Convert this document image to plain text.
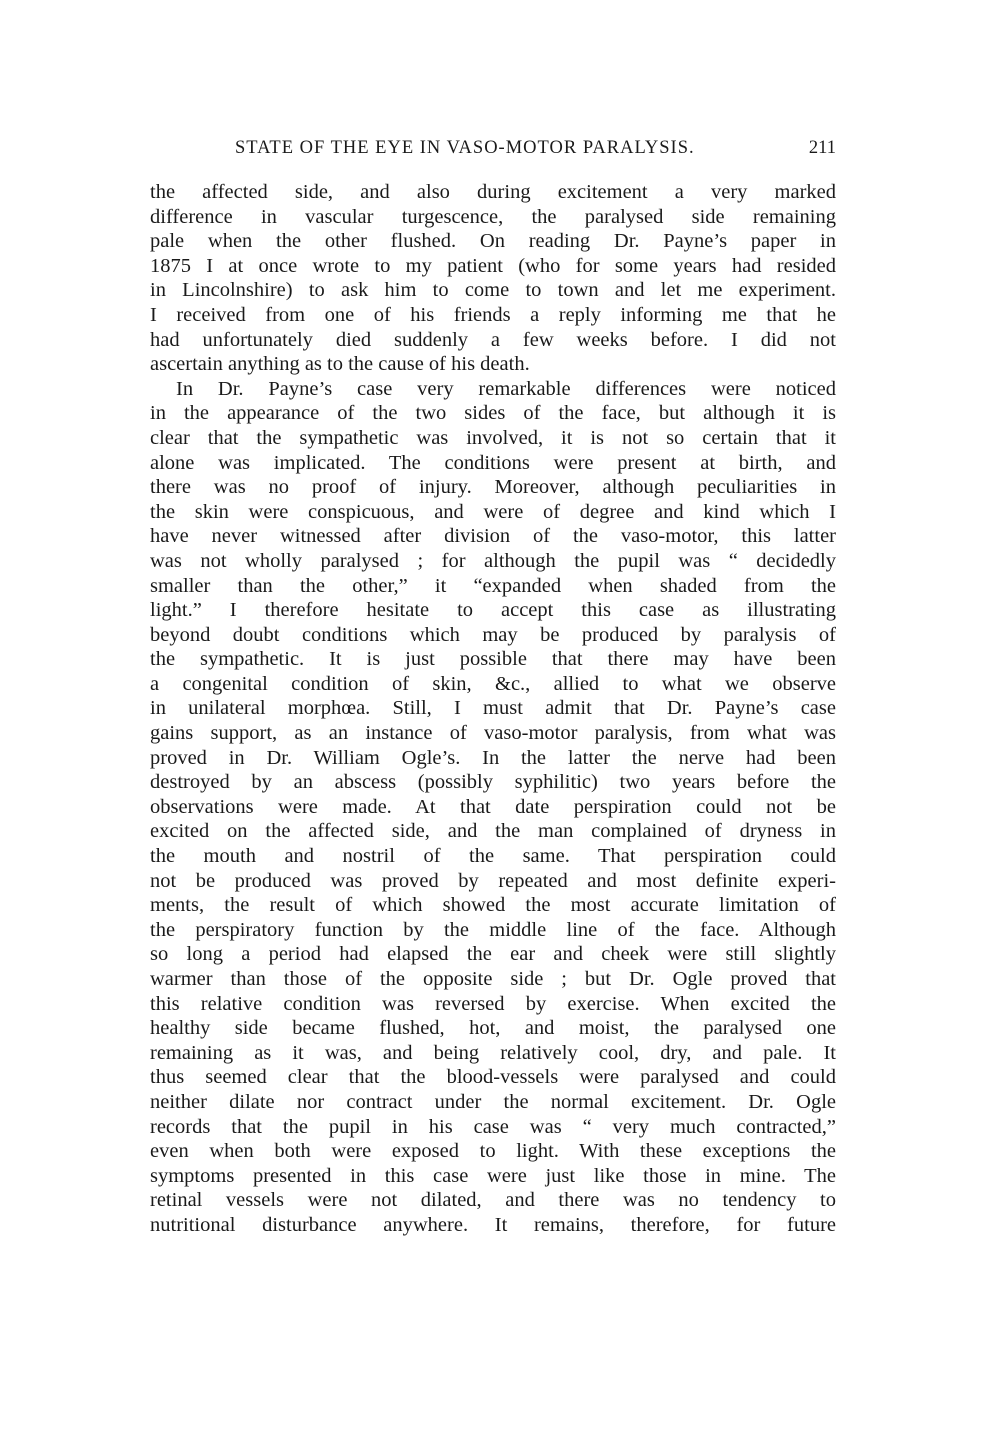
STATE OF THE EYE IN VASO-MOTOR PARALYSIS.	211
the affected side, and also during excitement a very marked
difference in vascular turgescence, the paralysed side remaining
pale when the other flushed. On reading Dr. Payne’s paper in
1875 I at once wrote to my patient (who for some years had resided
in Lincolnshire) to ask him to come to town and let me experiment.
I received from one of his friends a reply informing me that he
had unfortunately died suddenly a few weeks before. I did not
ascertain anything as to the cause of his death.
In Dr. Payne’s case very remarkable differences were noticed
in the appearance of the two sides of the face, but although it is
clear that the sympathetic was involved, it is not so certain that it
alone was implicated. The conditions were present at birth, and
there was no proof of injury. Moreover, although peculiarities in
the skin were conspicuous, and were of degree and kind which I
have never witnessed after division of the vaso-motor, this latter
was not wholly paralysed ; for although the pupil was “ decidedly
smaller than the other,” it “expanded when shaded from the
light.” I therefore hesitate to accept this case as illustrating
beyond doubt conditions which may be produced by paralysis of
the sympathetic. It is just possible that there may have been
a congenital condition of skin, &c., allied to what we observe
in unilateral morphœa. Still, I must admit that Dr. Payne’s case
gains support, as an instance of vaso-motor paralysis, from what was
proved in Dr. William Ogle’s. In the latter the nerve had been
destroyed by an abscess (possibly syphilitic) two years before the
observations were made. At that date perspiration could not be
excited on the affected side, and the man complained of dryness in
the mouth and nostril of the same. That perspiration could
not be produced was proved by repeated and most definite experi-
ments, the result of which showed the most accurate limitation of
the perspiratory function by the middle line of the face. Although
so long a period had elapsed the ear and cheek were still slightly
warmer than those of the opposite side ; but Dr. Ogle proved that
this relative condition was reversed by exercise. When excited the
healthy side became flushed, hot, and moist, the paralysed one
remaining as it was, and being relatively cool, dry, and pale. It
thus seemed clear that the blood-vessels were paralysed and could
neither dilate nor contract under the normal excitement. Dr. Ogle
records that the pupil in his case was “ very much contracted,”
even when both were exposed to light. With these exceptions the
symptoms presented in this case were just like those in mine. The
retinal vessels were not dilated, and there was no tendency to
nutritional disturbance anywhere. It remains, therefore, for future
